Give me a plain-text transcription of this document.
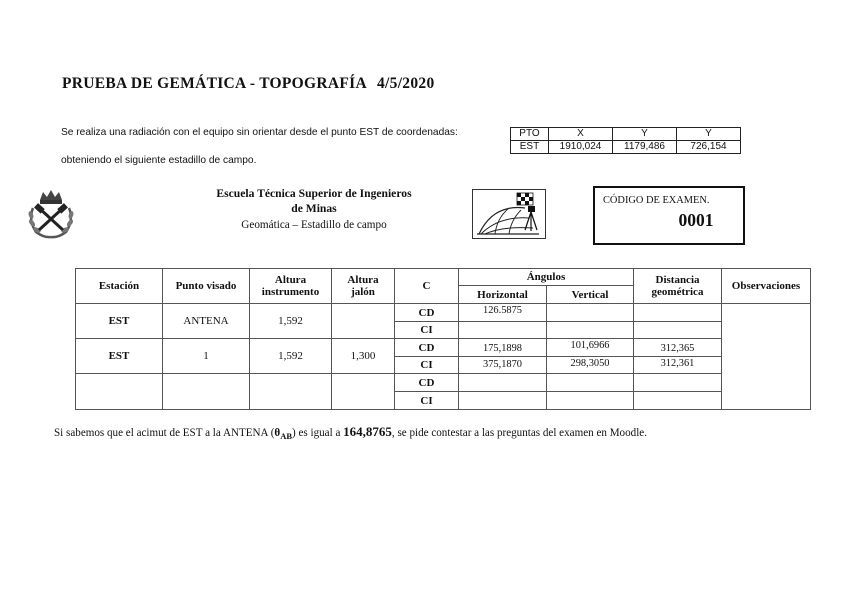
PRUEBA DE GEMÁTICA - TOPOGRAFÍA 4/5/2020
Se realiza una radiación con el equipo sin orientar desde el punto EST de coordenadas:
obteniendo el siguiente estadillo de campo.
PTO	X	Y	Y
EST	1910,024	1179,486	726,154
Escuela Técnica Superior de Ingenieros
de Minas
Geomática – Estadillo de campo
CÓDIGO DE EXAMEN.
0001
Estación	Punto visado	Altura instrumento	Altura jalón	C	Ángulos		Distancia geométrica	Observaciones
					Horizontal	Vertical		
EST	ANTENA	1,592		CD	126.5875			
				CI				
EST	1	1,592	1,300	CD	175,1898	101,6966	312,365	
				CI	375,1870	298,3050	312,361	
				CD				
				CI				
Si sabemos que el acimut de EST a la ANTENA $(\theta_{AB})$ es igual a 164,8765, se pide contestar a las preguntas del examen en Moodle.
